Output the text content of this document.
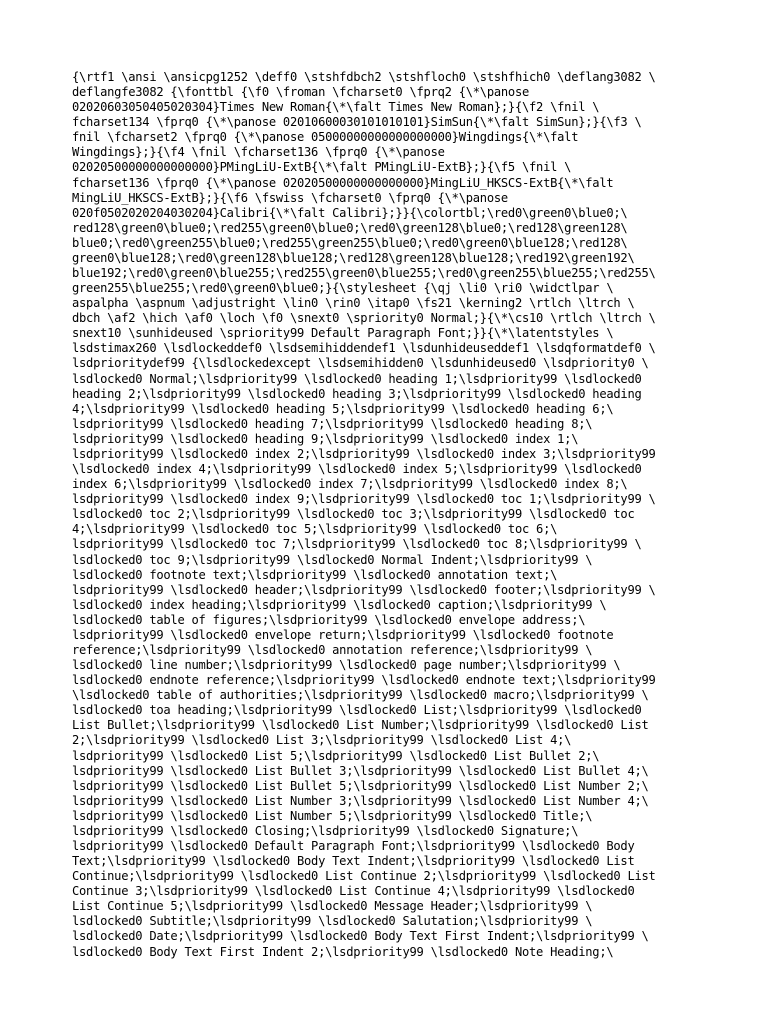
{\rtf1 \ansi \ansicpg1252 \deff0 \stshfdbch2 \stshfloch0 \stshfhich0 \deflang3082 \
deflangfe3082 {\fonttbl {\f0 \froman \fcharset0 \fprq2 {\*\panose
02020603050405020304}Times New Roman{\*\falt Times New Roman};}{\f2 \fnil \
fcharset134 \fprq0 {\*\panose 02010600030101010101}SimSun{\*\falt SimSun};}{\f3 \
fnil \fcharset2 \fprq0 {\*\panose 05000000000000000000}Wingdings{\*\falt
Wingdings};}{\f4 \fnil \fcharset136 \fprq0 {\*\panose
02020500000000000000}PMingLiU-ExtB{\*\falt PMingLiU-ExtB};}{\f5 \fnil \
fcharset136 \fprq0 {\*\panose 02020500000000000000}MingLiU_HKSCS-ExtB{\*\falt
MingLiU_HKSCS-ExtB};}{\f6 \fswiss \fcharset0 \fprq0 {\*\panose
020f0502020204030204}Calibri{\*\falt Calibri};}}{\colortbl;\red0\green0\blue0;\
red128\green0\blue0;\red255\green0\blue0;\red0\green128\blue0;\red128\green128\
blue0;\red0\green255\blue0;\red255\green255\blue0;\red0\green0\blue128;\red128\
green0\blue128;\red0\green128\blue128;\red128\green128\blue128;\red192\green192\
blue192;\red0\green0\blue255;\red255\green0\blue255;\red0\green255\blue255;\red255\
green255\blue255;\red0\green0\blue0;}{\stylesheet {\qj \li0 \ri0 \widctlpar \
aspalpha \aspnum \adjustright \lin0 \rin0 \itap0 \fs21 \kerning2 \rtlch \ltrch \
dbch \af2 \hich \af0 \loch \f0 \snext0 \spriority0 Normal;}{\*\cs10 \rtlch \ltrch \
snext10 \sunhideused \spriority99 Default Paragraph Font;}}{\*\latentstyles \
lsdstimax260 \lsdlockeddef0 \lsdsemihiddendef1 \lsdunhideuseddef1 \lsdqformatdef0 \
lsdprioritydef99 {\lsdlockedexcept \lsdsemihidden0 \lsdunhideused0 \lsdpriority0 \
lsdlocked0 Normal;\lsdpriority99 \lsdlocked0 heading 1;\lsdpriority99 \lsdlocked0
heading 2;\lsdpriority99 \lsdlocked0 heading 3;\lsdpriority99 \lsdlocked0 heading
4;\lsdpriority99 \lsdlocked0 heading 5;\lsdpriority99 \lsdlocked0 heading 6;\
lsdpriority99 \lsdlocked0 heading 7;\lsdpriority99 \lsdlocked0 heading 8;\
lsdpriority99 \lsdlocked0 heading 9;\lsdpriority99 \lsdlocked0 index 1;\
lsdpriority99 \lsdlocked0 index 2;\lsdpriority99 \lsdlocked0 index 3;\lsdpriority99
\lsdlocked0 index 4;\lsdpriority99 \lsdlocked0 index 5;\lsdpriority99 \lsdlocked0
index 6;\lsdpriority99 \lsdlocked0 index 7;\lsdpriority99 \lsdlocked0 index 8;\
lsdpriority99 \lsdlocked0 index 9;\lsdpriority99 \lsdlocked0 toc 1;\lsdpriority99 \
lsdlocked0 toc 2;\lsdpriority99 \lsdlocked0 toc 3;\lsdpriority99 \lsdlocked0 toc
4;\lsdpriority99 \lsdlocked0 toc 5;\lsdpriority99 \lsdlocked0 toc 6;\
lsdpriority99 \lsdlocked0 toc 7;\lsdpriority99 \lsdlocked0 toc 8;\lsdpriority99 \
lsdlocked0 toc 9;\lsdpriority99 \lsdlocked0 Normal Indent;\lsdpriority99 \
lsdlocked0 footnote text;\lsdpriority99 \lsdlocked0 annotation text;\
lsdpriority99 \lsdlocked0 header;\lsdpriority99 \lsdlocked0 footer;\lsdpriority99 \
lsdlocked0 index heading;\lsdpriority99 \lsdlocked0 caption;\lsdpriority99 \
lsdlocked0 table of figures;\lsdpriority99 \lsdlocked0 envelope address;\
lsdpriority99 \lsdlocked0 envelope return;\lsdpriority99 \lsdlocked0 footnote
reference;\lsdpriority99 \lsdlocked0 annotation reference;\lsdpriority99 \
lsdlocked0 line number;\lsdpriority99 \lsdlocked0 page number;\lsdpriority99 \
lsdlocked0 endnote reference;\lsdpriority99 \lsdlocked0 endnote text;\lsdpriority99
\lsdlocked0 table of authorities;\lsdpriority99 \lsdlocked0 macro;\lsdpriority99 \
lsdlocked0 toa heading;\lsdpriority99 \lsdlocked0 List;\lsdpriority99 \lsdlocked0
List Bullet;\lsdpriority99 \lsdlocked0 List Number;\lsdpriority99 \lsdlocked0 List
2;\lsdpriority99 \lsdlocked0 List 3;\lsdpriority99 \lsdlocked0 List 4;\
lsdpriority99 \lsdlocked0 List 5;\lsdpriority99 \lsdlocked0 List Bullet 2;\
lsdpriority99 \lsdlocked0 List Bullet 3;\lsdpriority99 \lsdlocked0 List Bullet 4;\
lsdpriority99 \lsdlocked0 List Bullet 5;\lsdpriority99 \lsdlocked0 List Number 2;\
lsdpriority99 \lsdlocked0 List Number 3;\lsdpriority99 \lsdlocked0 List Number 4;\
lsdpriority99 \lsdlocked0 List Number 5;\lsdpriority99 \lsdlocked0 Title;\
lsdpriority99 \lsdlocked0 Closing;\lsdpriority99 \lsdlocked0 Signature;\
lsdpriority99 \lsdlocked0 Default Paragraph Font;\lsdpriority99 \lsdlocked0 Body
Text;\lsdpriority99 \lsdlocked0 Body Text Indent;\lsdpriority99 \lsdlocked0 List
Continue;\lsdpriority99 \lsdlocked0 List Continue 2;\lsdpriority99 \lsdlocked0 List
Continue 3;\lsdpriority99 \lsdlocked0 List Continue 4;\lsdpriority99 \lsdlocked0
List Continue 5;\lsdpriority99 \lsdlocked0 Message Header;\lsdpriority99 \
lsdlocked0 Subtitle;\lsdpriority99 \lsdlocked0 Salutation;\lsdpriority99 \
lsdlocked0 Date;\lsdpriority99 \lsdlocked0 Body Text First Indent;\lsdpriority99 \
lsdlocked0 Body Text First Indent 2;\lsdpriority99 \lsdlocked0 Note Heading;\
